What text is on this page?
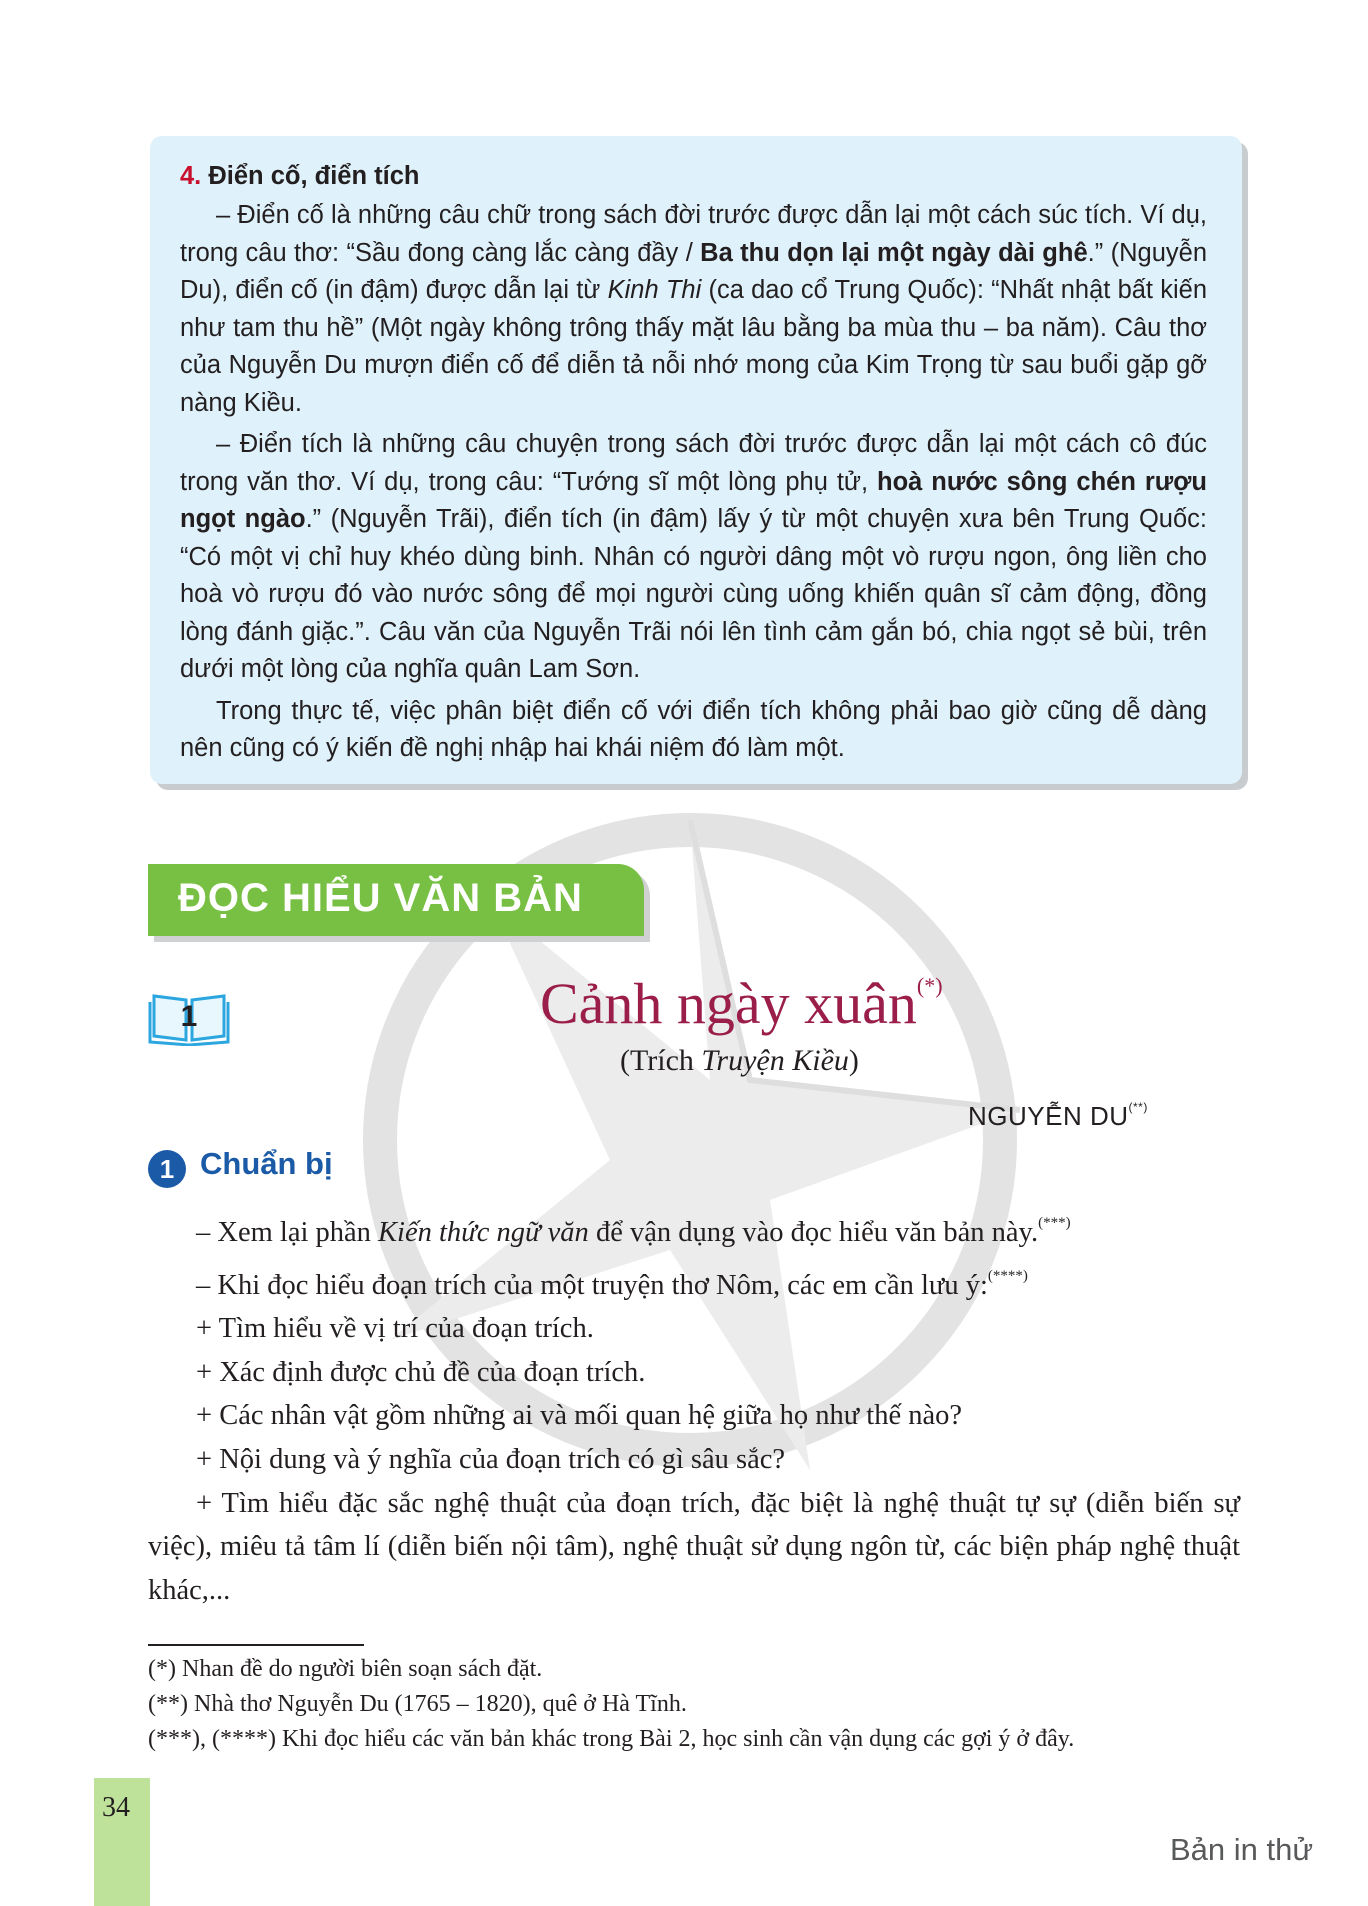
4. Điển cố, điển tích

– Điển cố là những câu chữ trong sách đời trước được dẫn lại một cách súc tích. Ví dụ, trong câu thơ: “Sầu đong càng lắc càng đầy / Ba thu dọn lại một ngày dài ghê.” (Nguyễn Du), điển cố (in đậm) được dẫn lại từ Kinh Thi (ca dao cổ Trung Quốc): “Nhất nhật bất kiến như tam thu hề” (Một ngày không trông thấy mặt lâu bằng ba mùa thu – ba năm). Câu thơ của Nguyễn Du mượn điển cố để diễn tả nỗi nhớ mong của Kim Trọng từ sau buổi gặp gỡ nàng Kiều.

– Điển tích là những câu chuyện trong sách đời trước được dẫn lại một cách cô đúc trong văn thơ. Ví dụ, trong câu: “Tướng sĩ một lòng phụ tử, hoà nước sông chén rượu ngọt ngào.” (Nguyễn Trãi), điển tích (in đậm) lấy ý từ một chuyện xưa bên Trung Quốc: “Có một vị chỉ huy khéo dùng binh. Nhân có người dâng một vò rượu ngon, ông liền cho hoà vò rượu đó vào nước sông để mọi người cùng uống khiến quân sĩ cảm động, đồng lòng đánh giặc.”. Câu văn của Nguyễn Trãi nói lên tình cảm gắn bó, chia ngọt sẻ bùi, trên dưới một lòng của nghĩa quân Lam Sơn.

Trong thực tế, việc phân biệt điển cố với điển tích không phải bao giờ cũng dễ dàng nên cũng có ý kiến đề nghị nhập hai khái niệm đó làm một.

ĐỌC HIỂU VĂN BẢN
1	Cảnh ngày xuân(*)
(Trích Truyện Kiều)
NGUYỄN DU(**)
1 Chuẩn bị

– Xem lại phần Kiến thức ngữ văn để vận dụng vào đọc hiểu văn bản này.(***)

– Khi đọc hiểu đoạn trích của một truyện thơ Nôm, các em cần lưu ý:(****)

+ Tìm hiểu về vị trí của đoạn trích.

+ Xác định được chủ đề của đoạn trích.

+ Các nhân vật gồm những ai và mối quan hệ giữa họ như thế nào?

+ Nội dung và ý nghĩa của đoạn trích có gì sâu sắc?

+ Tìm hiểu đặc sắc nghệ thuật của đoạn trích, đặc biệt là nghệ thuật tự sự (diễn biến sự việc), miêu tả tâm lí (diễn biến nội tâm), nghệ thuật sử dụng ngôn từ, các biện pháp nghệ thuật khác,...

(*) Nhan đề do người biên soạn sách đặt.
(**) Nhà thơ Nguyễn Du (1765 – 1820), quê ở Hà Tĩnh.
(***), (****) Khi đọc hiểu các văn bản khác trong Bài 2, học sinh cần vận dụng các gợi ý ở đây.
34
Bản in thử
